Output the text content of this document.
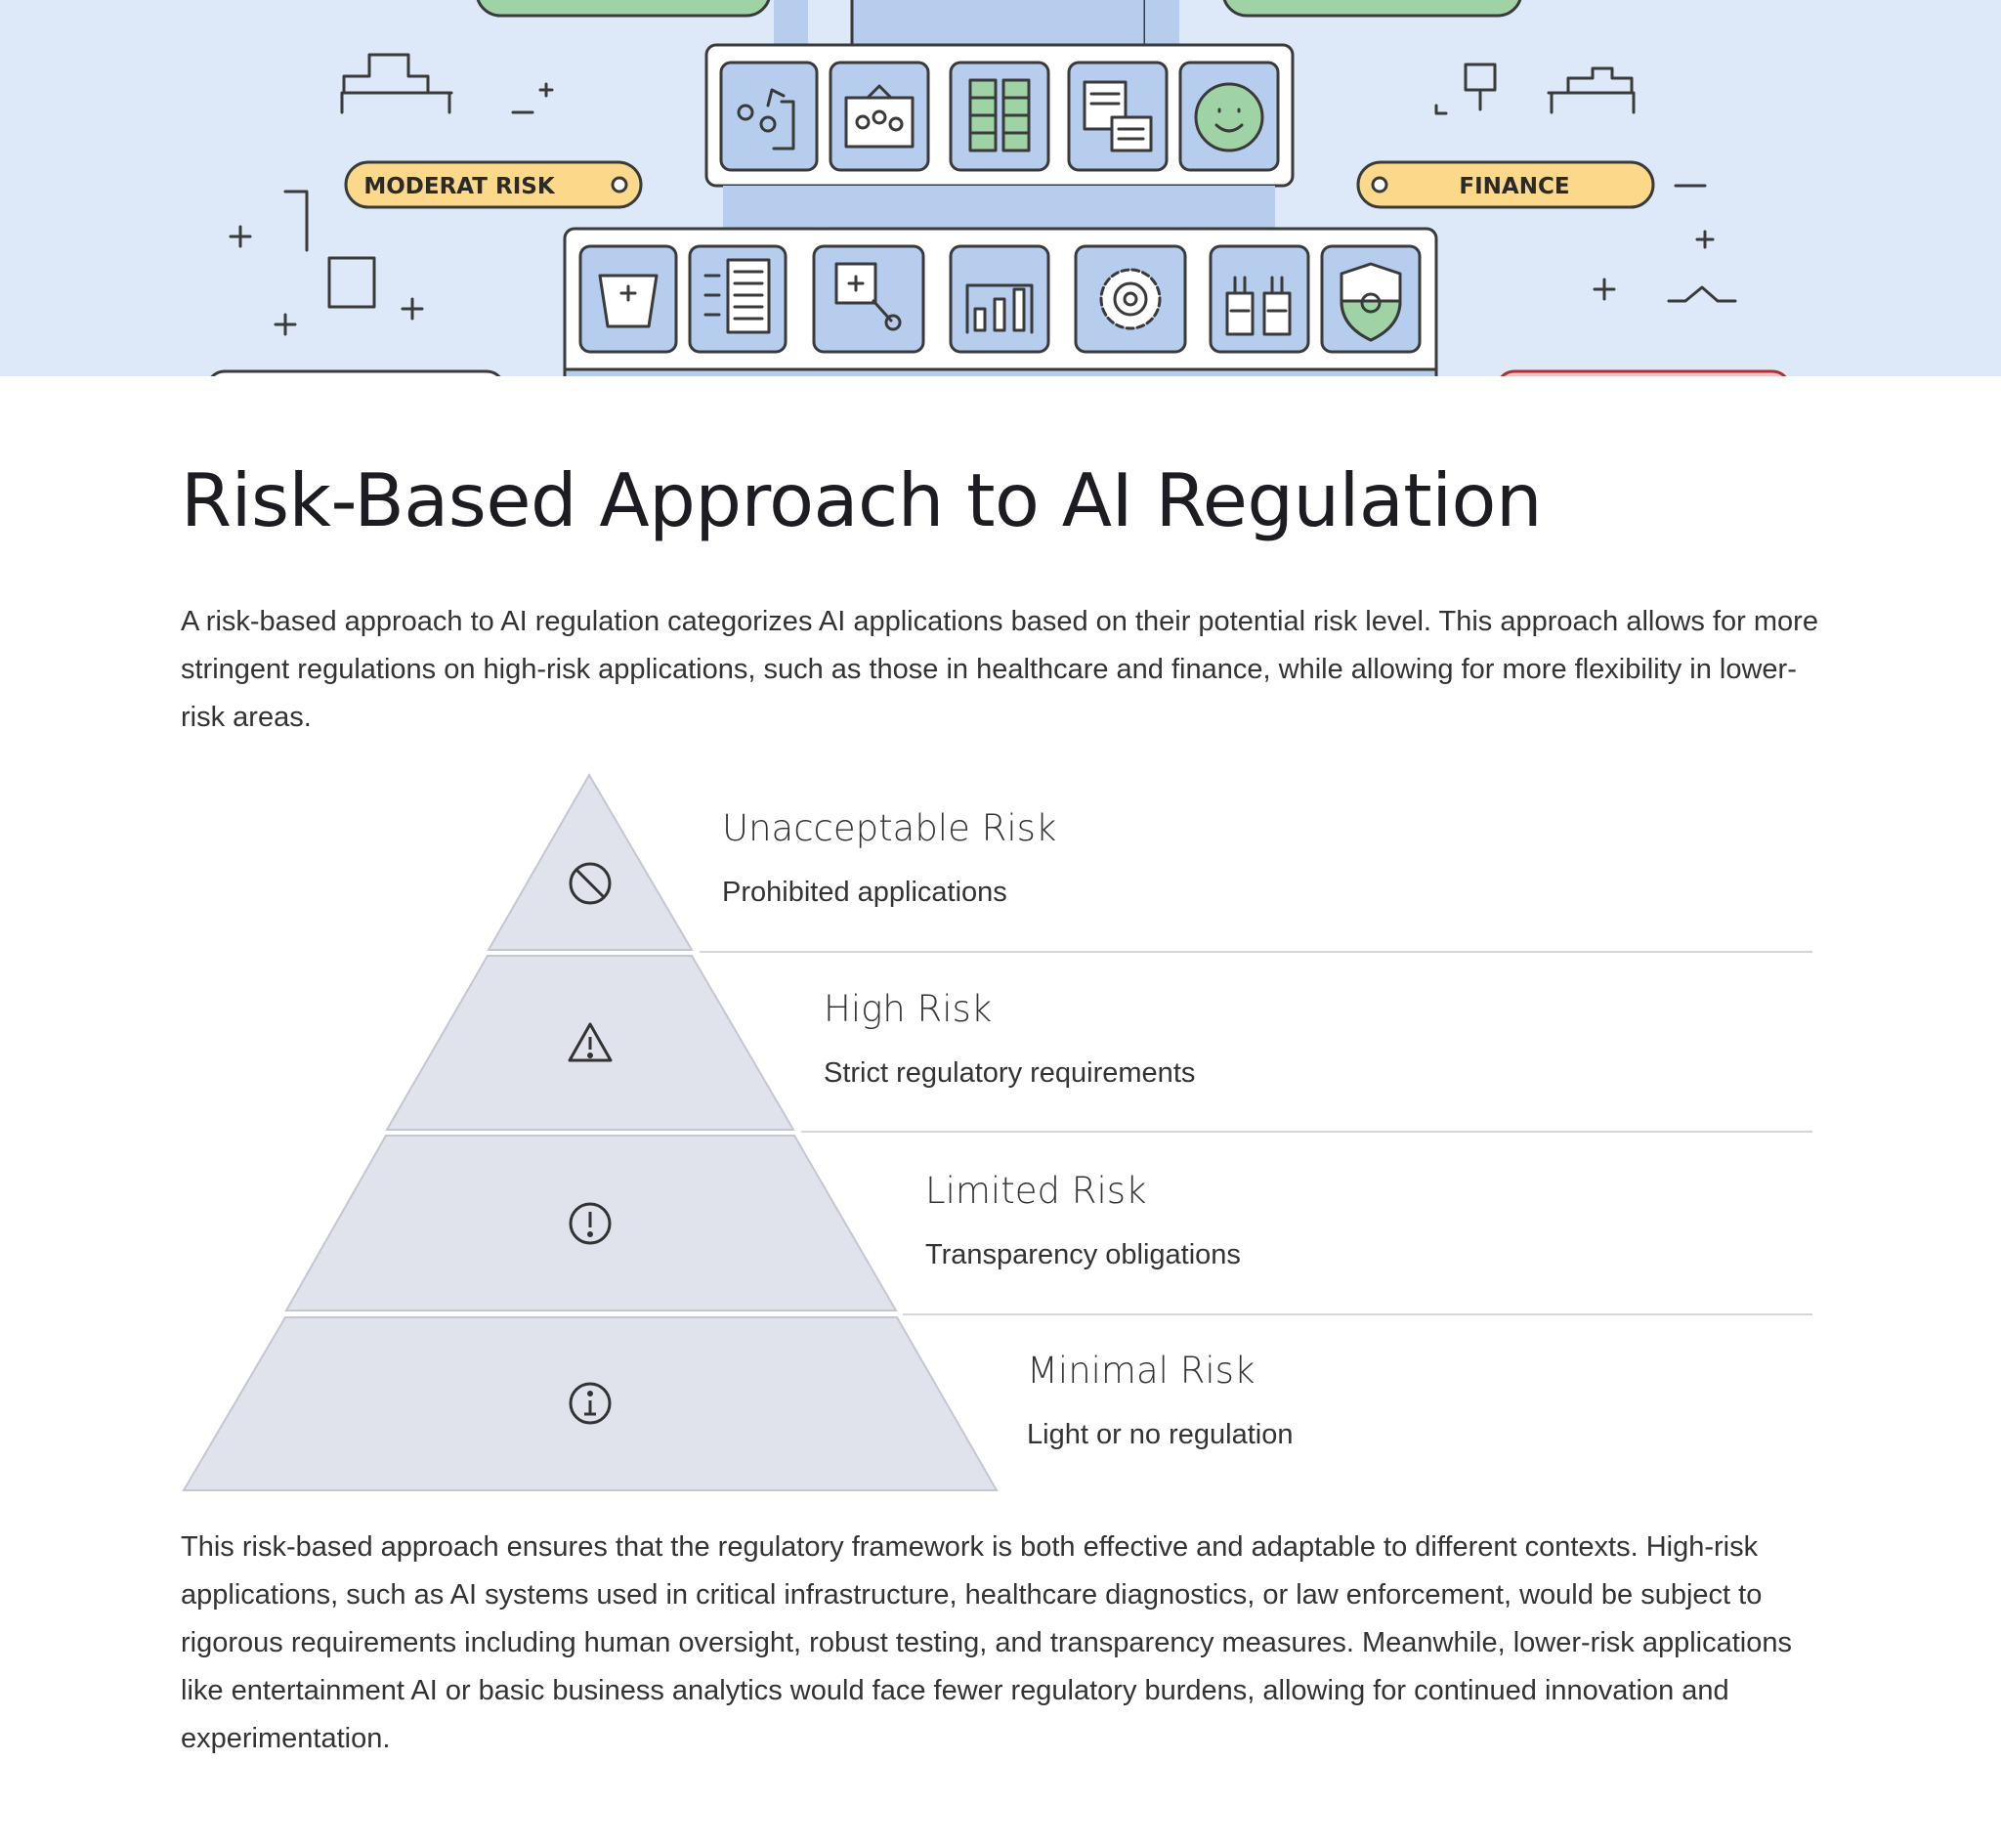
MODERAT RISK	FINANCE
Risk-Based Approach to AI Regulation

A risk-based approach to AI regulation categorizes AI applications based on their potential risk level. This approach allows for more stringent regulations on high-risk applications, such as those in healthcare and finance, while allowing for more flexibility in lower-risk areas.

Unacceptable Risk
Prohibited applications
High Risk
Strict regulatory requirements
Limited Risk
Transparency obligations
Minimal Risk
Light or no regulation

This risk-based approach ensures that the regulatory framework is both effective and adaptable to different contexts. High-risk applications, such as AI systems used in critical infrastructure, healthcare diagnostics, or law enforcement, would be subject to rigorous requirements including human oversight, robust testing, and transparency measures. Meanwhile, lower-risk applications like entertainment AI or basic business analytics would face fewer regulatory burdens, allowing for continued innovation and experimentation.
